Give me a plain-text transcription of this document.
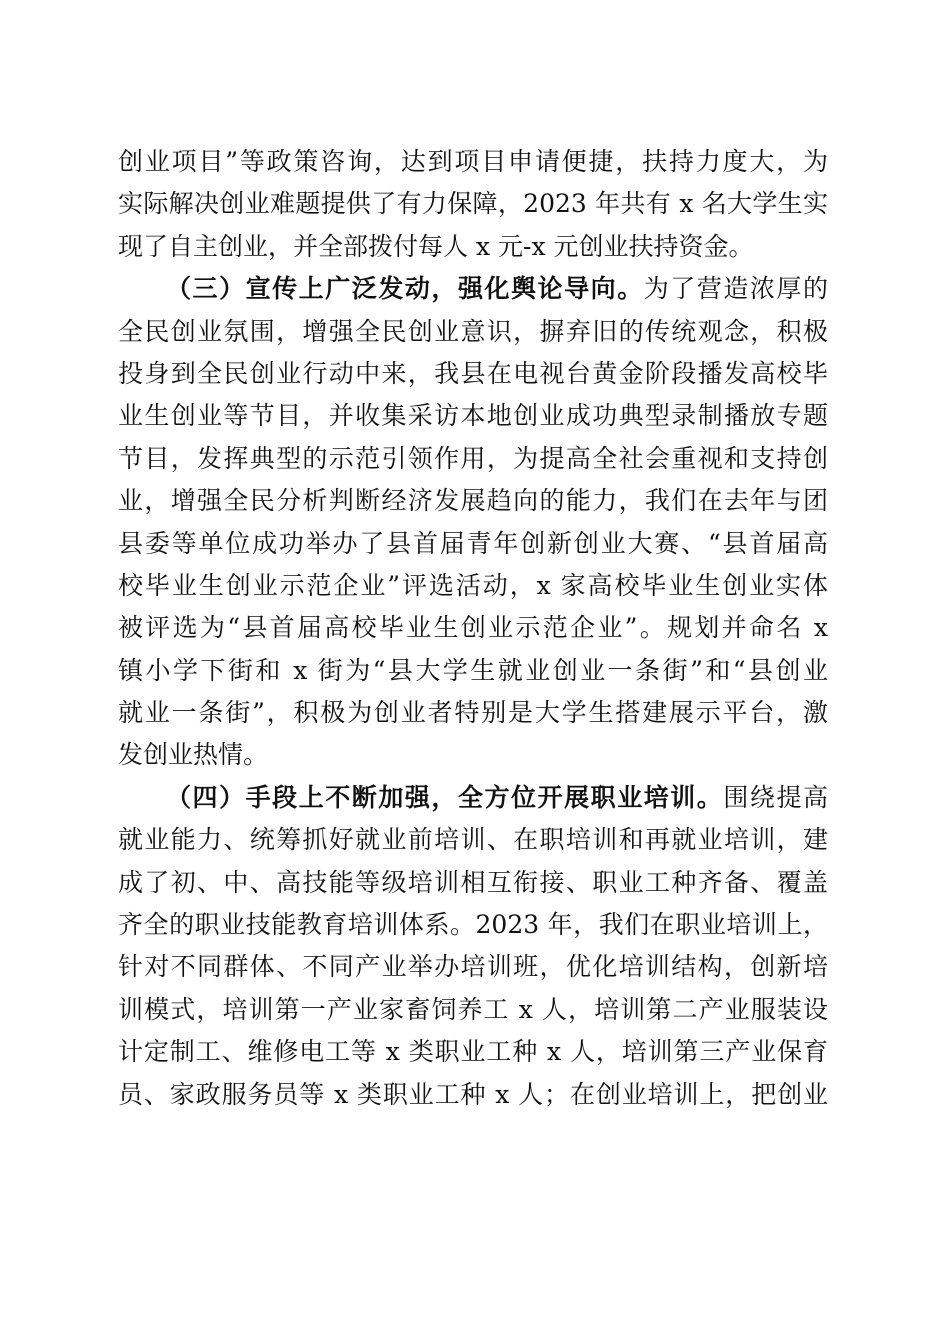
创业项目”等政策咨询，达到项目申请便捷，扶持力度大，为
实际解决创业难题提供了有力保障，2023 年共有 x 名大学生实
现了自主创业，并全部拨付每人 x 元-x 元创业扶持资金。
（三）宣传上广泛发动，强化舆论导向。为了营造浓厚的
全民创业氛围，增强全民创业意识，摒弃旧的传统观念，积极
投身到全民创业行动中来，我县在电视台黄金阶段播发高校毕
业生创业等节目，并收集采访本地创业成功典型录制播放专题
节目，发挥典型的示范引领作用，为提高全社会重视和支持创
业，增强全民分析判断经济发展趋向的能力，我们在去年与团
县委等单位成功举办了县首届青年创新创业大赛、“县首届高
校毕业生创业示范企业”评选活动，x 家高校毕业生创业实体
被评选为“县首届高校毕业生创业示范企业”。规划并命名 x
镇小学下街和 x 街为“县大学生就业创业一条街”和“县创业
就业一条街”，积极为创业者特别是大学生搭建展示平台，激
发创业热情。
（四）手段上不断加强，全方位开展职业培训。围绕提高
就业能力、统筹抓好就业前培训、在职培训和再就业培训，建
成了初、中、高技能等级培训相互衔接、职业工种齐备、覆盖
齐全的职业技能教育培训体系。2023 年，我们在职业培训上，
针对不同群体、不同产业举办培训班，优化培训结构，创新培
训模式，培训第一产业家畜饲养工 x 人，培训第二产业服装设
计定制工、维修电工等 x 类职业工种 x 人，培训第三产业保育
员、家政服务员等 x 类职业工种 x 人；在创业培训上，把创业
